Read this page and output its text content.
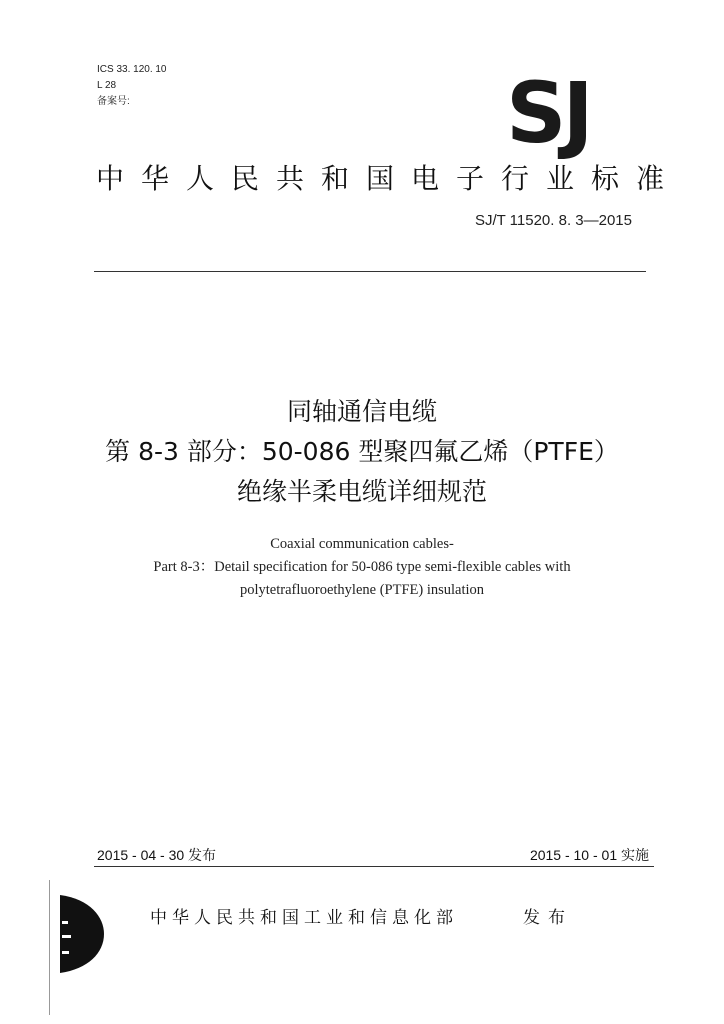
ICS 33. 120. 10
L 28
备案号:	SJ
中华人民共和国电子行业标准
SJ/T 11520. 8. 3—2015
同轴通信电缆
第 8-3 部分：50-086 型聚四氟乙烯（PTFE）
绝缘半柔电缆详细规范
Coaxial communication cables-
Part 8-3：Detail specification for 50-086 type semi-flexible cables with
polytetrafluoroethylene (PTFE) insulation
2015 - 04 - 30 发布	2015 - 10 - 01 实施
中华人民共和国工业和信息化部	发布
